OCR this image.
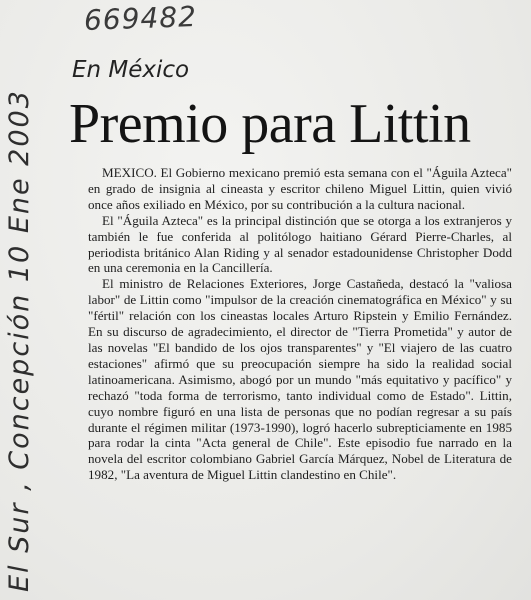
669482
El Sur , Concepción 10 Ene 2003
En México
Premio para Littin

MEXICO. El Gobierno mexicano premió esta semana con el "Águila Azteca" en grado de insignia al cineasta y escritor chileno Miguel Littin, quien vivió once años exiliado en México, por su contribución a la cultura nacional.

El "Águila Azteca" es la principal distinción que se otorga a los extranjeros y también le fue conferida al politólogo haitiano Gérard Pierre-Charles, al periodista británico Alan Riding y al senador estadounidense Christopher Dodd en una ceremonia en la Cancillería.

El ministro de Relaciones Exteriores, Jorge Castañeda, destacó la "valiosa labor" de Littin como "impulsor de la creación cinematográfica en México" y su "fértil" relación con los cineastas locales Arturo Ripstein y Emilio Fernández. En su discurso de agradecimiento, el director de "Tierra Prometida" y autor de las novelas "El bandido de los ojos transparentes" y "El viajero de las cuatro estaciones" afirmó que su preocupación siempre ha sido la realidad social latinoamericana. Asimismo, abogó por un mundo "más equitativo y pacífico" y rechazó "toda forma de terrorismo, tanto individual como de Estado". Littin, cuyo nombre figuró en una lista de personas que no podían regresar a su país durante el régimen militar (1973-1990), logró hacerlo subrepticiamente en 1985 para rodar la cinta "Acta general de Chile". Este episodio fue narrado en la novela del escritor colombiano Gabriel García Márquez, Nobel de Literatura de 1982, "La aventura de Miguel Littin clandestino en Chile".
